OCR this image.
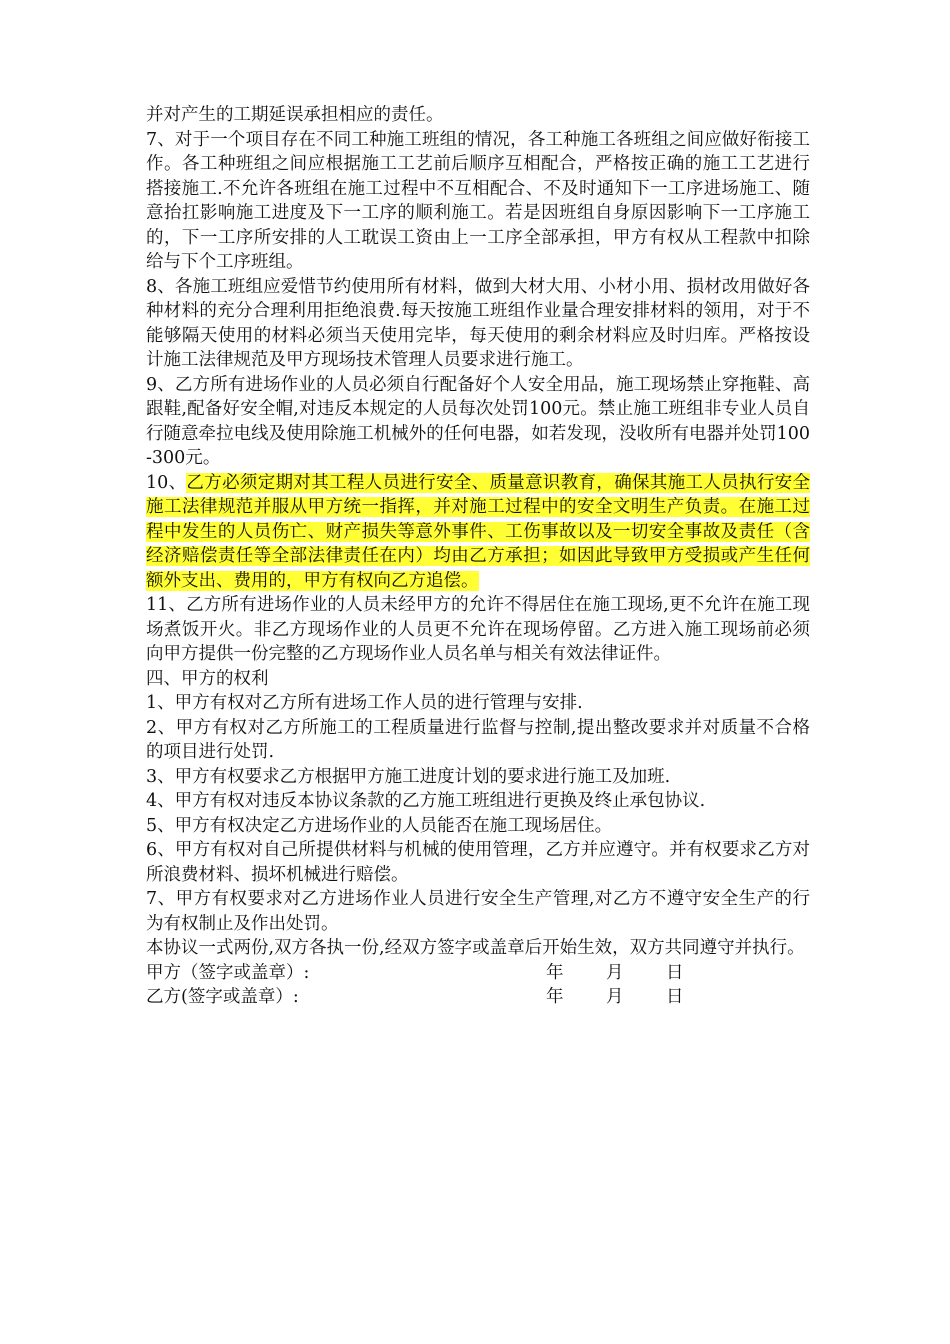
并对产生的工期延误承担相应的责任。

7、对于一个项目存在不同工种施工班组的情况，各工种施工各班组之间应做好衔接工作。各工种班组之间应根据施工工艺前后顺序互相配合，严格按正确的施工工艺进行搭接施工.不允许各班组在施工过程中不互相配合、不及时通知下一工序进场施工、随意抬扛影响施工进度及下一工序的顺利施工。若是因班组自身原因影响下一工序施工的，下一工序所安排的人工耽误工资由上一工序全部承担，甲方有权从工程款中扣除给与下个工序班组。

8、各施工班组应爱惜节约使用所有材料，做到大材大用、小材小用、损材改用做好各种材料的充分合理利用拒绝浪费.每天按施工班组作业量合理安排材料的领用，对于不能够隔天使用的材料必须当天使用完毕，每天使用的剩余材料应及时归库。严格按设计施工法律规范及甲方现场技术管理人员要求进行施工。

9、乙方所有进场作业的人员必须自行配备好个人安全用品，施工现场禁止穿拖鞋、高跟鞋,配备好安全帽,对违反本规定的人员每次处罚100元。禁止施工班组非专业人员自行随意牵拉电线及使用除施工机械外的任何电器，如若发现，没收所有电器并处罚100-300元。

10、乙方必须定期对其工程人员进行安全、质量意识教育，确保其施工人员执行安全施工法律规范并服从甲方统一指挥，并对施工过程中的安全文明生产负责。在施工过程中发生的人员伤亡、财产损失等意外事件、工伤事故以及一切安全事故及责任（含经济赔偿责任等全部法律责任在内）均由乙方承担；如因此导致甲方受损或产生任何额外支出、费用的，甲方有权向乙方追偿。

11、乙方所有进场作业的人员未经甲方的允许不得居住在施工现场,更不允许在施工现场煮饭开火。非乙方现场作业的人员更不允许在现场停留。乙方进入施工现场前必须向甲方提供一份完整的乙方现场作业人员名单与相关有效法律证件。

四、甲方的权利

1、甲方有权对乙方所有进场工作人员的进行管理与安排.

2、甲方有权对乙方所施工的工程质量进行监督与控制,提出整改要求并对质量不合格的项目进行处罚.

3、甲方有权要求乙方根据甲方施工进度计划的要求进行施工及加班.

4、甲方有权对违反本协议条款的乙方施工班组进行更换及终止承包协议.

5、甲方有权决定乙方进场作业的人员能否在施工现场居住。

6、甲方有权对自己所提供材料与机械的使用管理，乙方并应遵守。并有权要求乙方对所浪费材料、损坏机械进行赔偿。

7、甲方有权要求对乙方进场作业人员进行安全生产管理,对乙方不遵守安全生产的行为有权制止及作出处罚。

本协议一式两份,双方各执一份,经双方签字或盖章后开始生效，双方共同遵守并执行。

甲方（签字或盖章）:	年 月 日
乙方(签字或盖章）:	年 月 日
